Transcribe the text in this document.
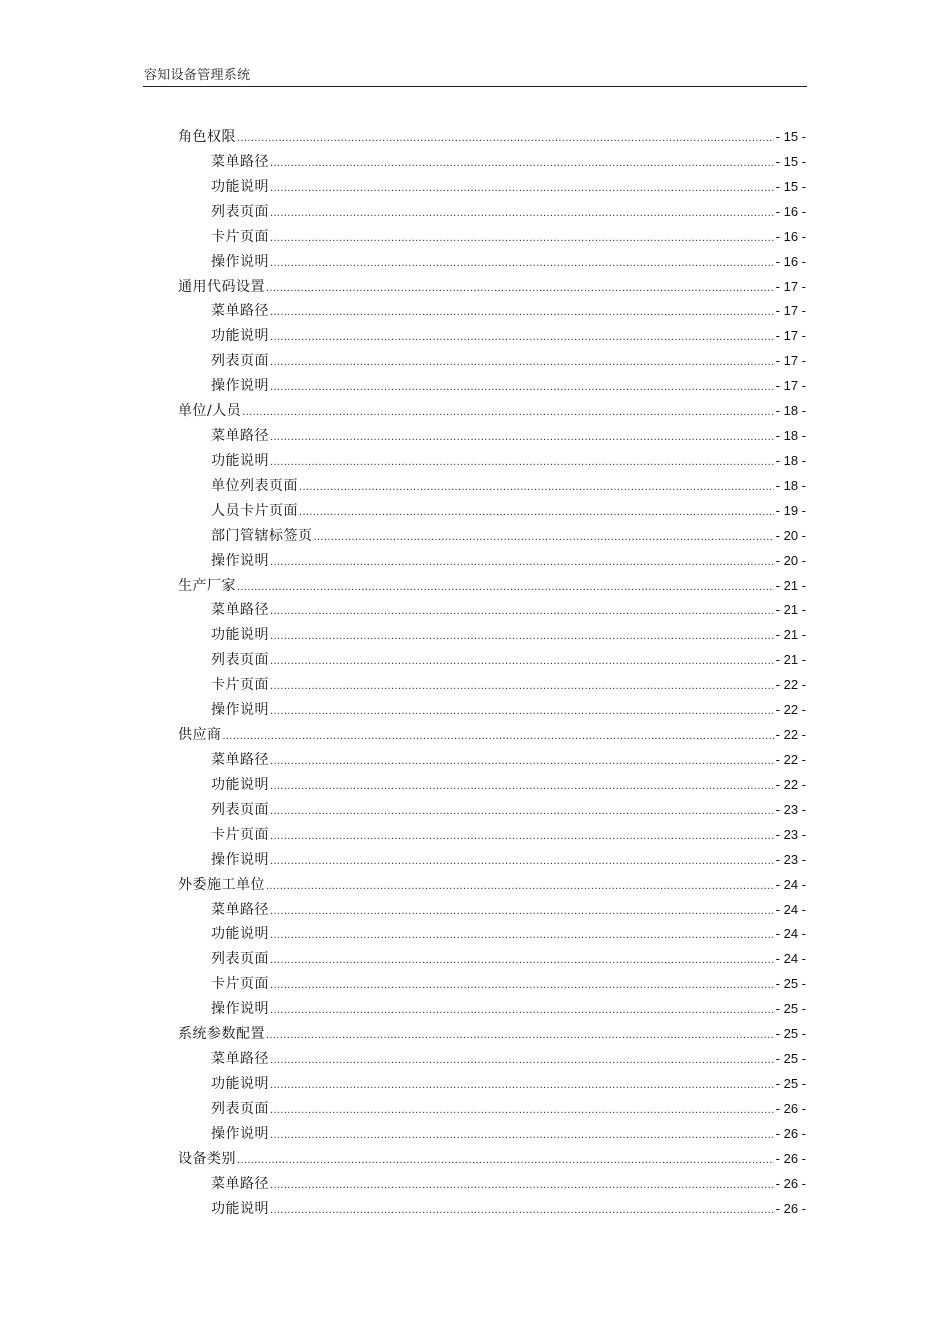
容知设备管理系统
角色权限 .....	- 15 -
菜单路径 .....	- 15 -
功能说明 .....	- 15 -
列表页面 .....	- 16 -
卡片页面 .....	- 16 -
操作说明 .....	- 16 -
通用代码设置 .....	- 17 -
菜单路径 .....	- 17 -
功能说明 .....	- 17 -
列表页面 .....	- 17 -
操作说明 .....	- 17 -
单位/人员 .....	- 18 -
菜单路径 .....	- 18 -
功能说明 .....	- 18 -
单位列表页面 .....	- 18 -
人员卡片页面 .....	- 19 -
部门管辖标签页 .....	- 20 -
操作说明 .....	- 20 -
生产厂家 .....	- 21 -
菜单路径 .....	- 21 -
功能说明 .....	- 21 -
列表页面 .....	- 21 -
卡片页面 .....	- 22 -
操作说明 .....	- 22 -
供应商 .....	- 22 -
菜单路径 .....	- 22 -
功能说明 .....	- 22 -
列表页面 .....	- 23 -
卡片页面 .....	- 23 -
操作说明 .....	- 23 -
外委施工单位 .....	- 24 -
菜单路径 .....	- 24 -
功能说明 .....	- 24 -
列表页面 .....	- 24 -
卡片页面 .....	- 25 -
操作说明 .....	- 25 -
系统参数配置 .....	- 25 -
菜单路径 .....	- 25 -
功能说明 .....	- 25 -
列表页面 .....	- 26 -
操作说明 .....	- 26 -
设备类别 .....	- 26 -
菜单路径 .....	- 26 -
功能说明 .....	- 26 -
